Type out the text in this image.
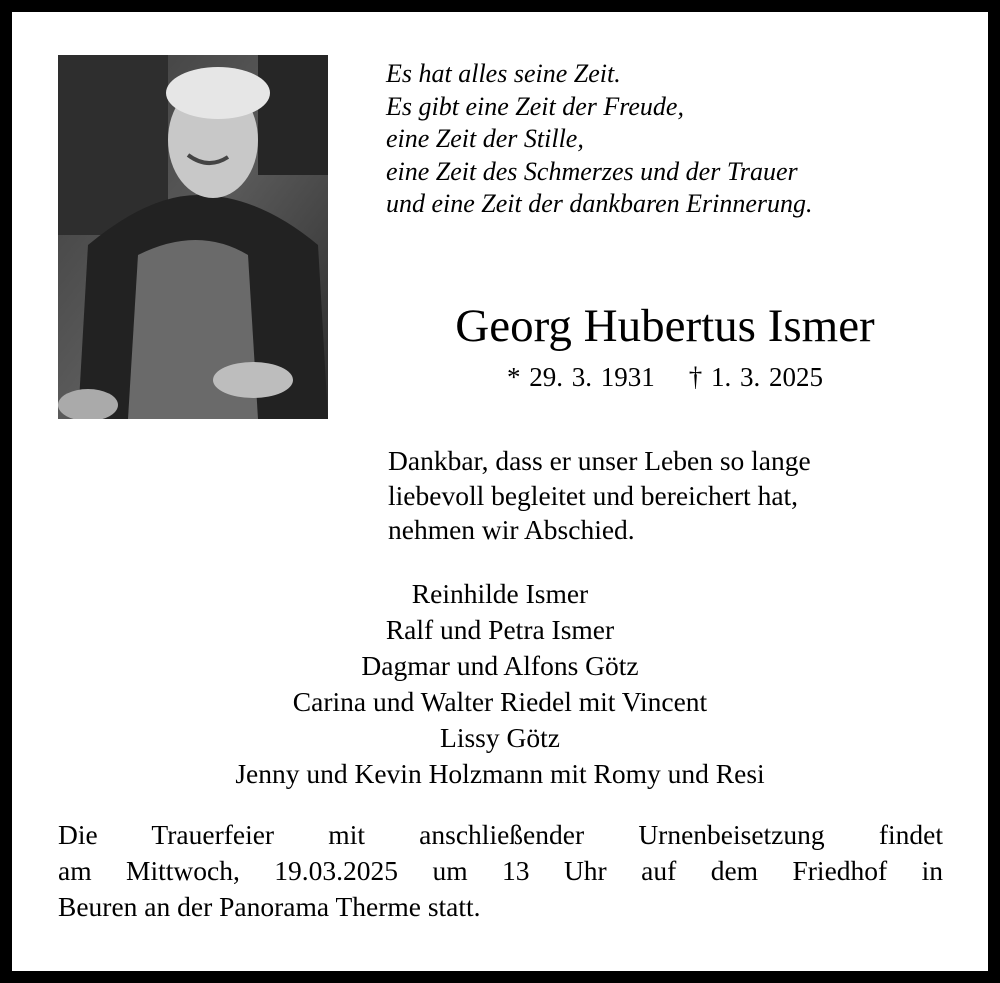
Es hat alles seine Zeit.
Es gibt eine Zeit der Freude,
eine Zeit der Stille,
eine Zeit des Schmerzes und der Trauer
und eine Zeit der dankbaren Erinnerung.
Georg Hubertus Ismer
* 29. 3. 1931 † 1. 3. 2025
Dankbar, dass er unser Leben so lange
liebevoll begleitet und bereichert hat,
nehmen wir Abschied.
Reinhilde Ismer
Ralf und Petra Ismer
Dagmar und Alfons Götz
Carina und Walter Riedel mit Vincent
Lissy Götz
Jenny und Kevin Holzmann mit Romy und Resi
Die Trauerfeier mit anschließender Urnenbeisetzung findet
am Mittwoch, 19.03.2025 um 13 Uhr auf dem Friedhof in
Beuren an der Panorama Therme statt.
